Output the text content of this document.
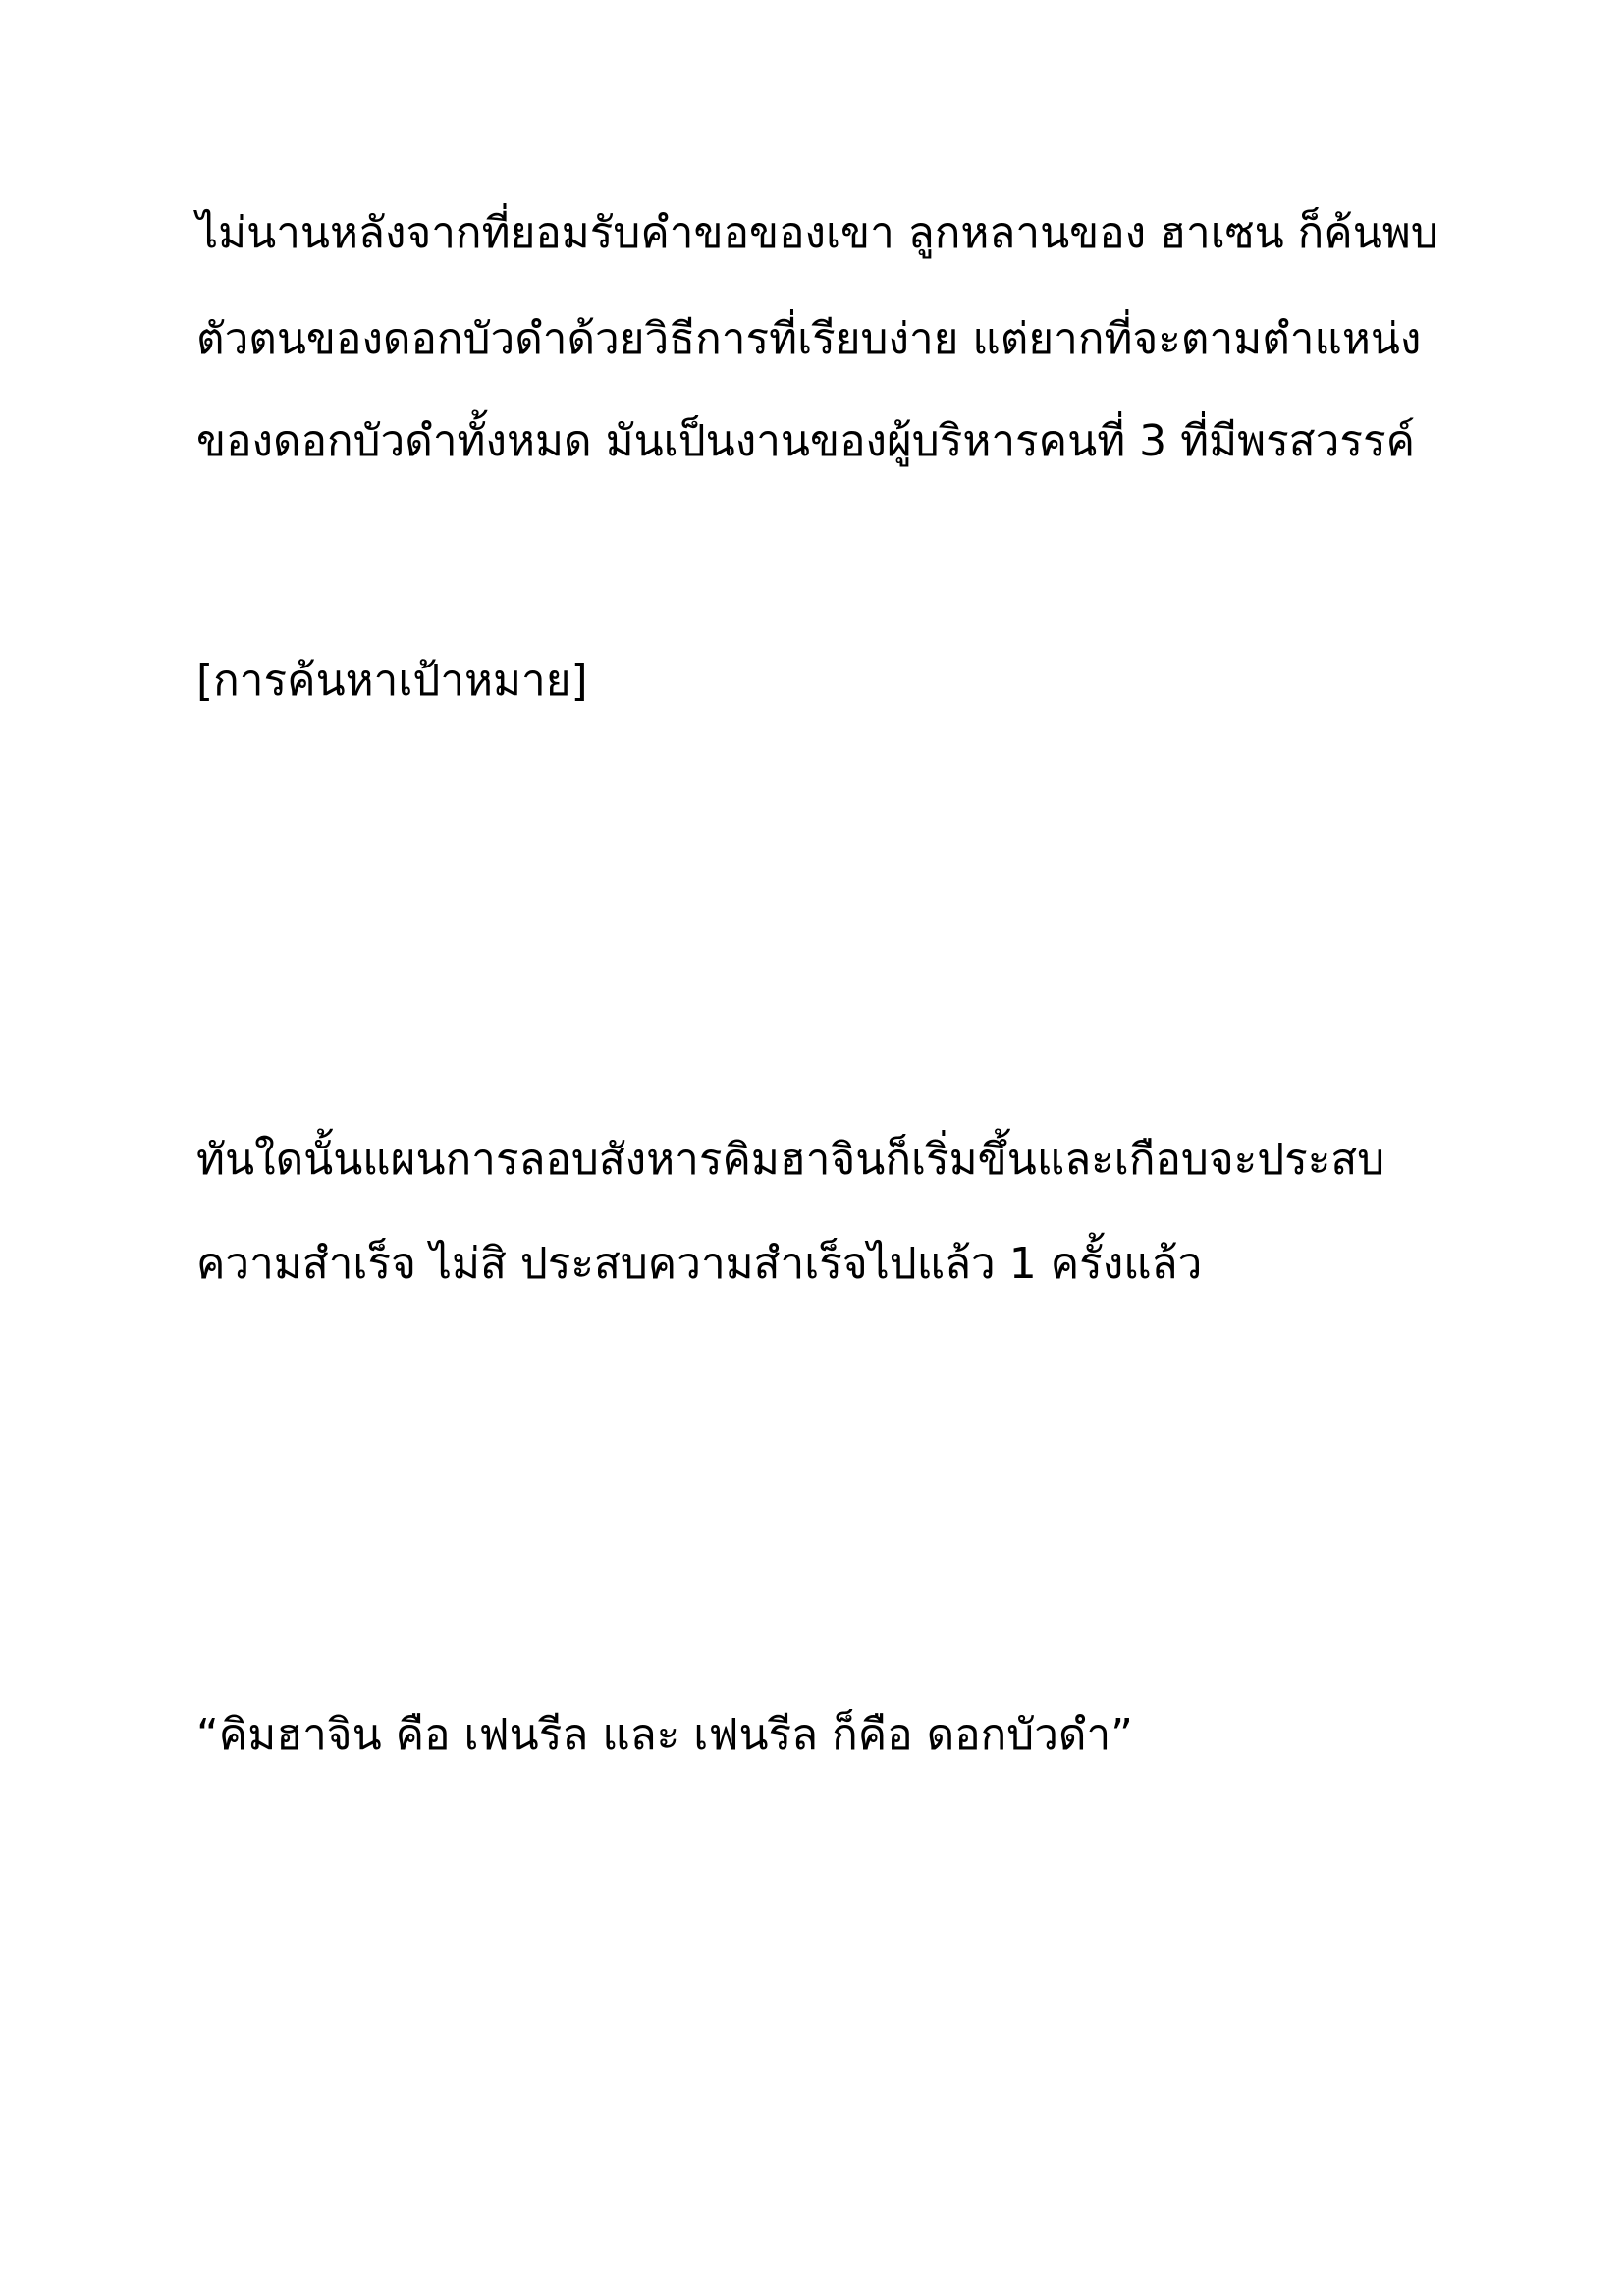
ไม่นานหลังจากที่ยอมรับคำขอของเขา ลูกหลานของ ฮาเซน ก็ค้นพบ

ตัวตนของดอกบัวดำด้วยวิธีการที่เรียบง่าย แต่ยากที่จะตามตำแหน่ง

ของดอกบัวดำทั้งหมด มันเป็นงานของผู้บริหารคนที่ 3 ที่มีพรสวรรค์

[การค้นหาเป้าหมาย]

ทันใดนั้นแผนการลอบสังหารคิมฮาจินก็เริ่มขึ้นและเกือบจะประสบ

ความสำเร็จ ไม่สิ ประสบความสำเร็จไปแล้ว 1 ครั้งแล้ว

“คิมฮาจิน คือ เฟนรีล และ เฟนรีล ก็คือ ดอกบัวดำ”
